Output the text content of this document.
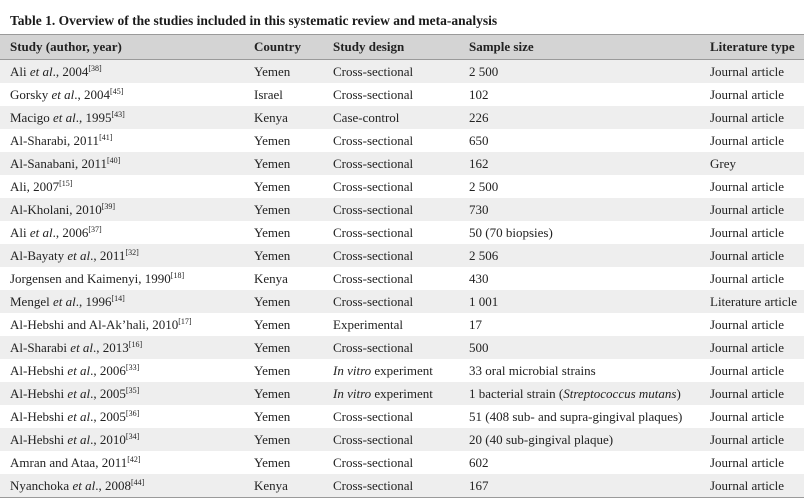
Table 1. Overview of the studies included in this systematic review and meta-analysis
Study (author, year)	Country	Study design	Sample size	Literature type
Ali et al., 2004[38]	Yemen	Cross-sectional	2 500	Journal article
Gorsky et al., 2004[45]	Israel	Cross-sectional	102	Journal article
Macigo et al., 1995[43]	Kenya	Case-control	226	Journal article
Al-Sharabi, 2011[41]	Yemen	Cross-sectional	650	Journal article
Al-Sanabani, 2011[40]	Yemen	Cross-sectional	162	Grey
Ali, 2007[15]	Yemen	Cross-sectional	2 500	Journal article
Al-Kholani, 2010[39]	Yemen	Cross-sectional	730	Journal article
Ali et al., 2006[37]	Yemen	Cross-sectional	50 (70 biopsies)	Journal article
Al-Bayaty et al., 2011[32]	Yemen	Cross-sectional	2 506	Journal article
Jorgensen and Kaimenyi, 1990[18]	Kenya	Cross-sectional	430	Journal article
Mengel et al., 1996[14]	Yemen	Cross-sectional	1 001	Literature article
Al-Hebshi and Al-Ak’hali, 2010[17]	Yemen	Experimental	17	Journal article
Al-Sharabi et al., 2013[16]	Yemen	Cross-sectional	500	Journal article
Al-Hebshi et al., 2006[33]	Yemen	In vitro experiment	33 oral microbial strains	Journal article
Al-Hebshi et al., 2005[35]	Yemen	In vitro experiment	1 bacterial strain (Streptococcus mutans)	Journal article
Al-Hebshi et al., 2005[36]	Yemen	Cross-sectional	51 (408 sub- and supra-gingival plaques)	Journal article
Al-Hebshi et al., 2010[34]	Yemen	Cross-sectional	20 (40 sub-gingival plaque)	Journal article
Amran and Ataa, 2011[42]	Yemen	Cross-sectional	602	Journal article
Nyanchoka et al., 2008[44]	Kenya	Cross-sectional	167	Journal article
